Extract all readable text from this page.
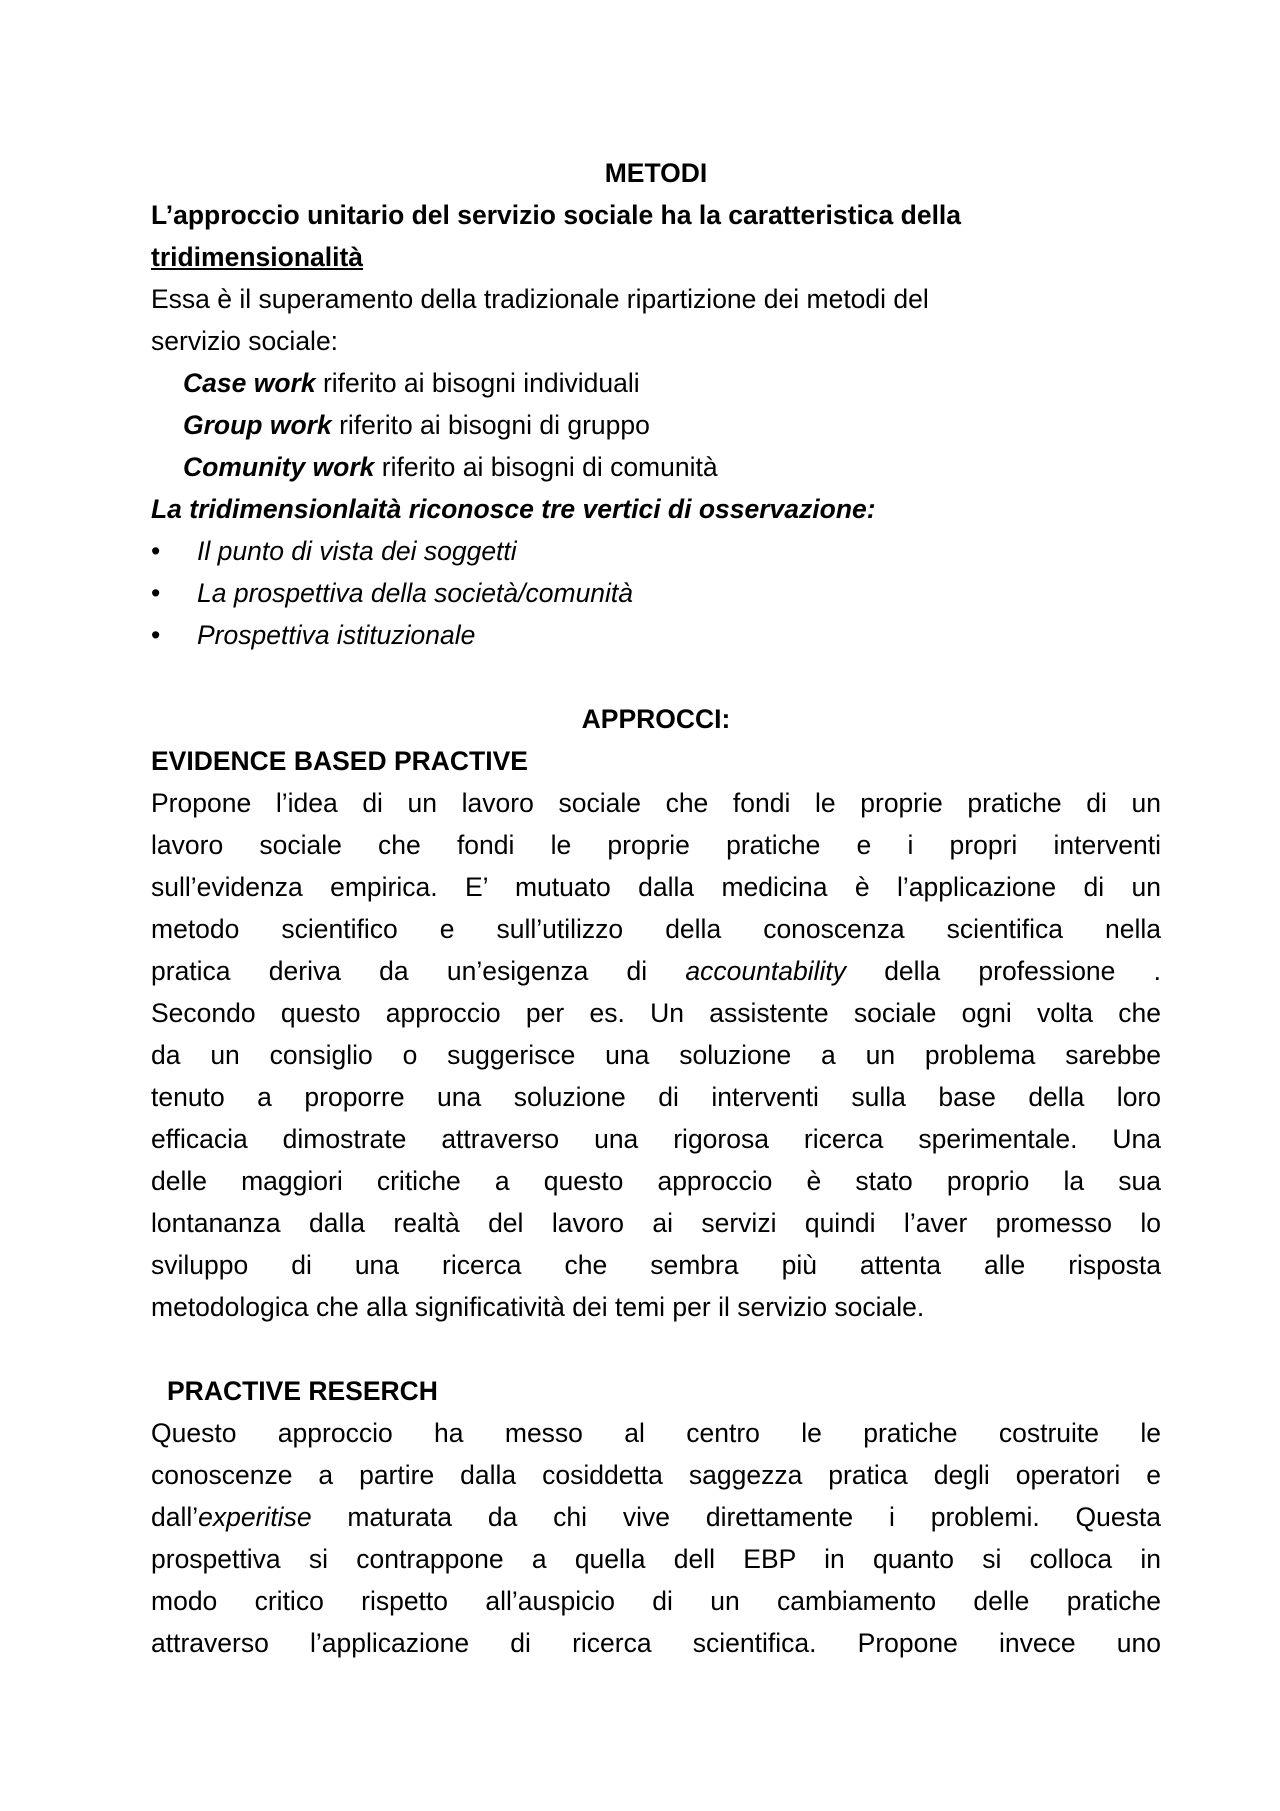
METODI
L’approccio unitario del servizio sociale ha la caratteristica della
tridimensionalità
Essa è il superamento della tradizionale ripartizione dei metodi del
servizio sociale:
Case work riferito ai bisogni individuali
Group work riferito ai bisogni di gruppo
Comunity work riferito ai bisogni di comunità
La tridimensionlaità riconosce tre vertici di osservazione:
• Il punto di vista dei soggetti
• La prospettiva della società/comunità
• Prospettiva istituzionale
APPROCCI:
EVIDENCE BASED PRACTIVE
Propone l’idea di un lavoro sociale che fondi le proprie pratiche di un
lavoro sociale che fondi le proprie pratiche e i propri interventi
sull’evidenza empirica. E’ mutuato dalla medicina è l’applicazione di un
metodo scientifico e sull’utilizzo della conoscenza scientifica nella
pratica deriva da un’esigenza di accountability della professione .
Secondo questo approccio per es. Un assistente sociale ogni volta che
da un consiglio o suggerisce una soluzione a un problema sarebbe
tenuto a proporre una soluzione di interventi sulla base della loro
efficacia dimostrate attraverso una rigorosa ricerca sperimentale. Una
delle maggiori critiche a questo approccio è stato proprio la sua
lontananza dalla realtà del lavoro ai servizi quindi l’aver promesso lo
sviluppo di una ricerca che sembra più attenta alle risposta
metodologica che alla significatività dei temi per il servizio sociale.
PRACTIVE RESERCH
Questo approccio ha messo al centro le pratiche costruite le
conoscenze a partire dalla cosiddetta saggezza pratica degli operatori e
dall’experitise maturata da chi vive direttamente i problemi. Questa
prospettiva si contrappone a quella dell EBP in quanto si colloca in
modo critico rispetto all’auspicio di un cambiamento delle pratiche
attraverso l’applicazione di ricerca scientifica. Propone invece uno
